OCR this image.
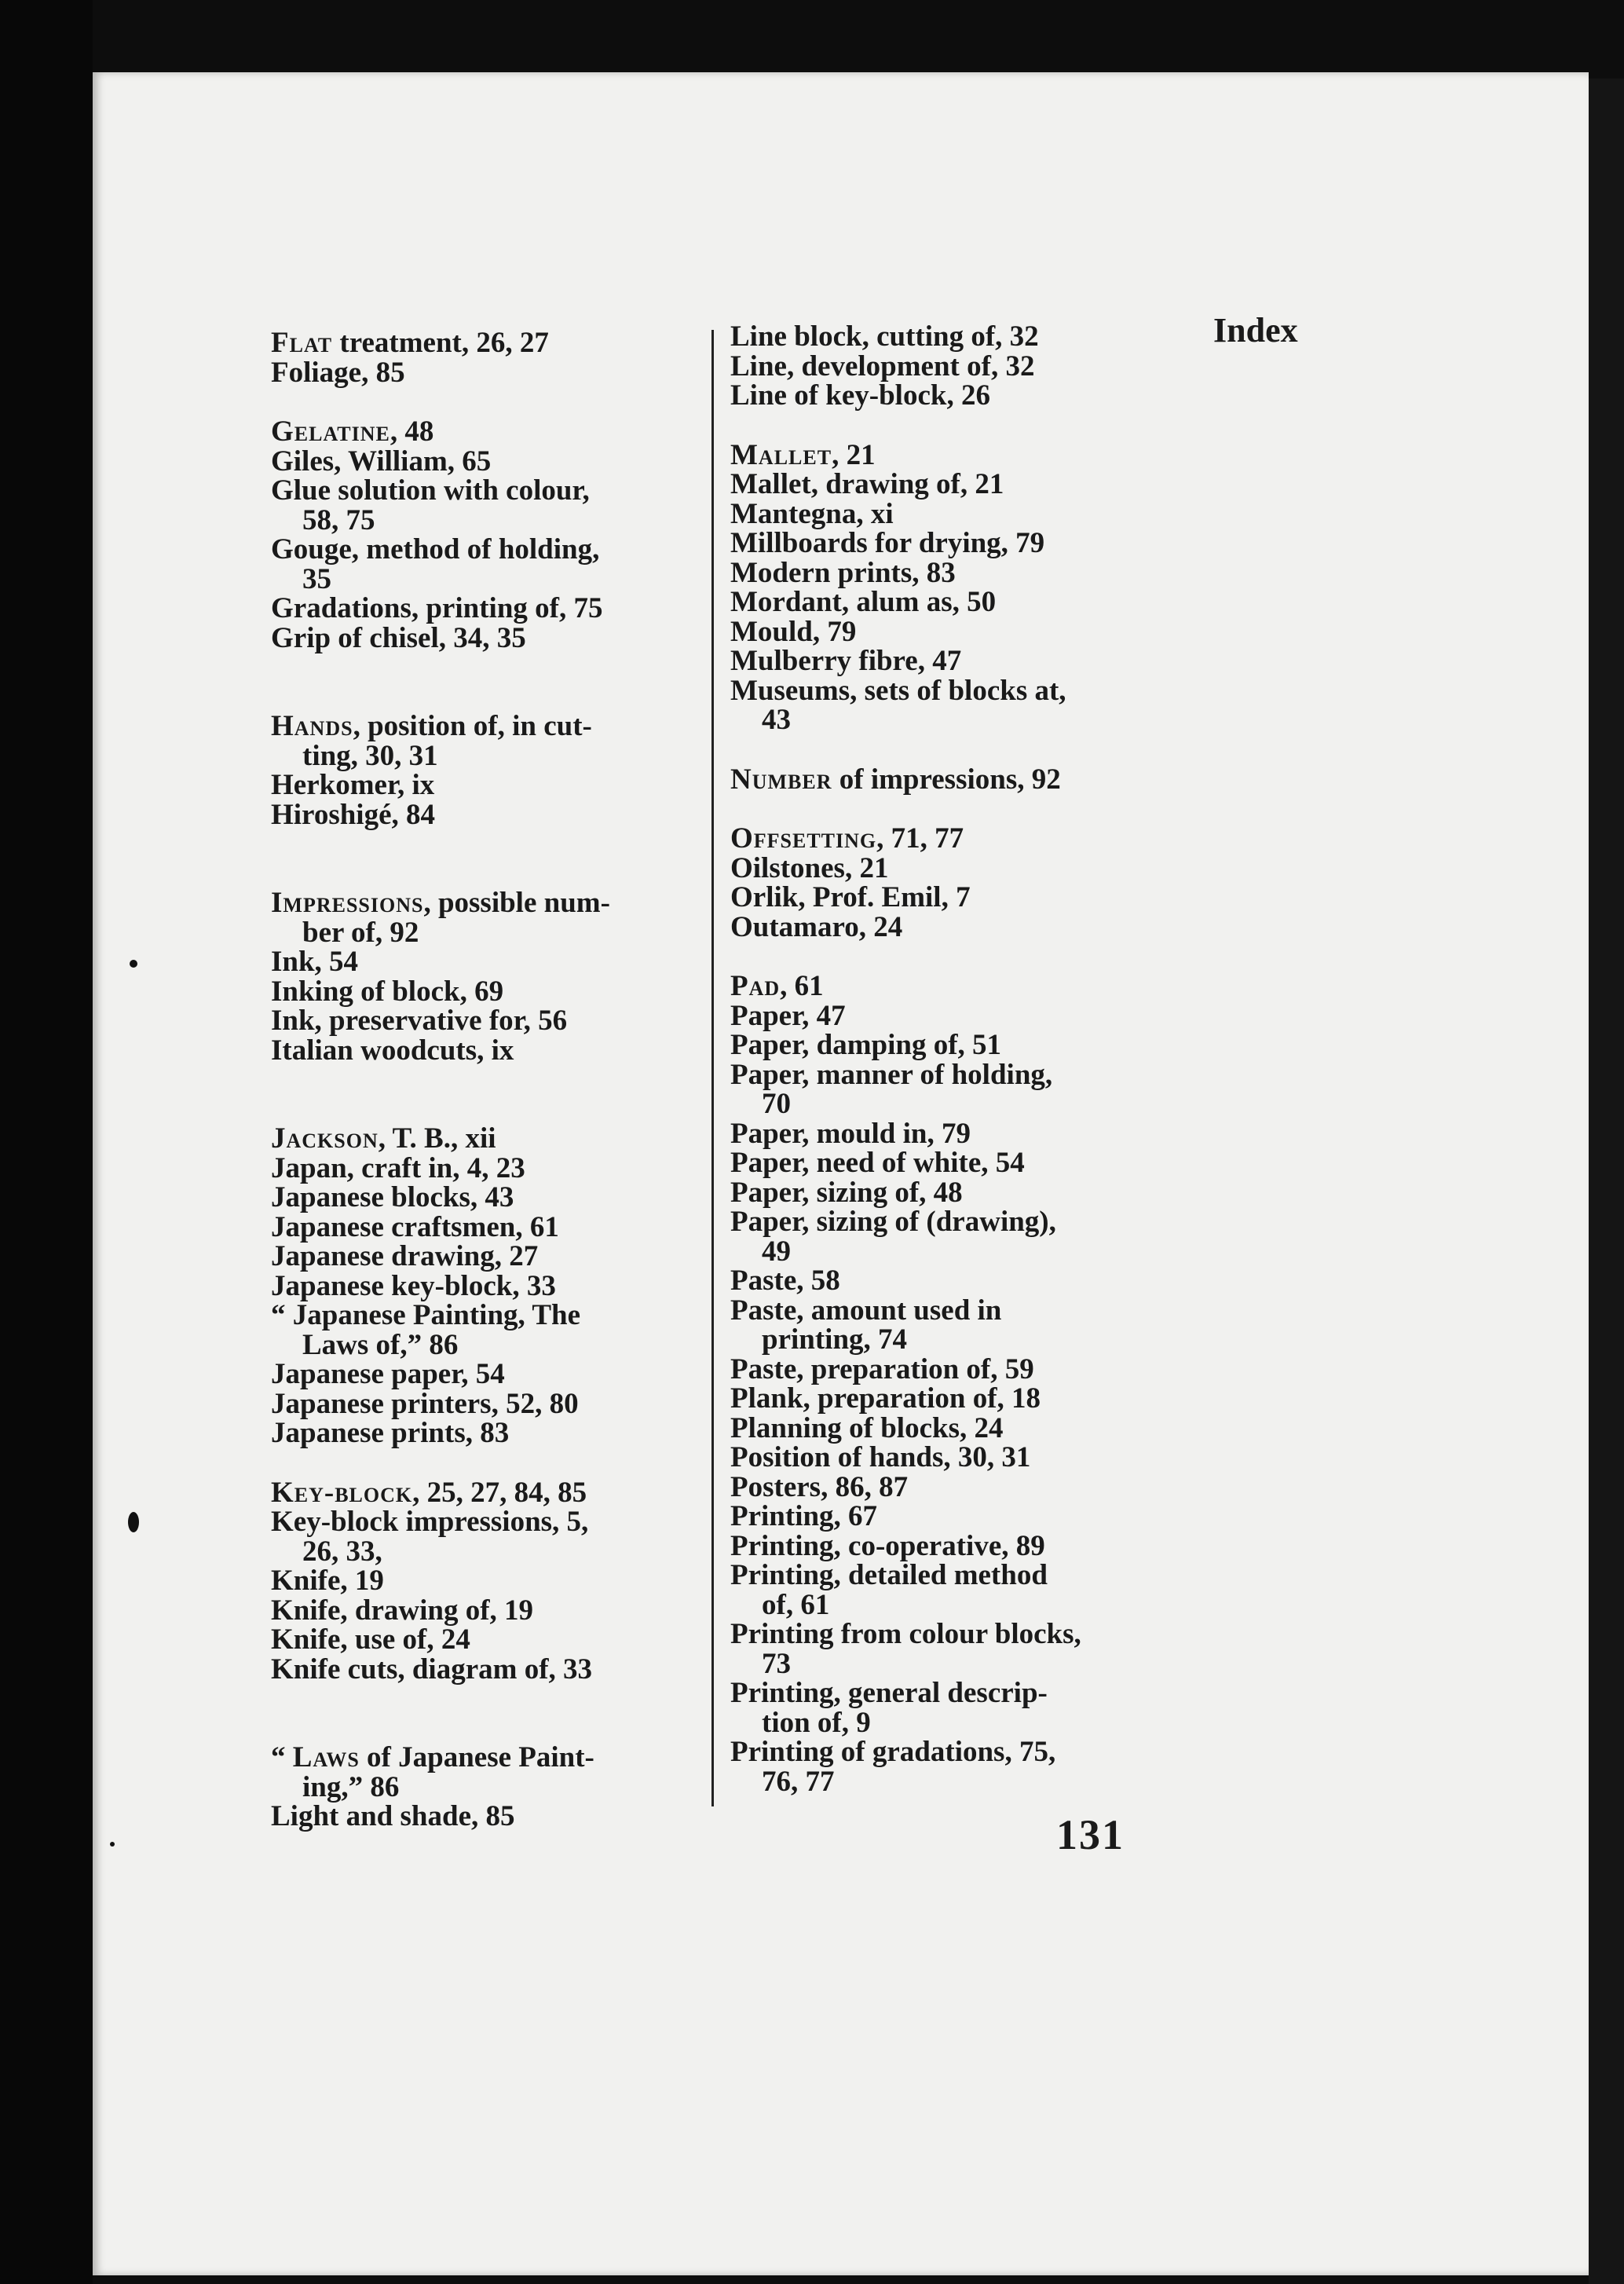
Index

Flat treatment, 26, 27

Foliage, 85

Gelatine, 48

Giles, William, 65

Glue solution with colour,
58, 75

Gouge, method of holding,
35

Gradations, printing of, 75

Grip of chisel, 34, 35

Hands, position of, in cut-
ting, 30, 31

Herkomer, ix

Hiroshigé, 84

Impressions, possible num-
ber of, 92

Ink, 54

Inking of block, 69

Ink, preservative for, 56

Italian woodcuts, ix

Jackson, T. B., xii

Japan, craft in, 4, 23

Japanese blocks, 43

Japanese craftsmen, 61

Japanese drawing, 27

Japanese key-block, 33

“ Japanese Painting, The
Laws of,” 86

Japanese paper, 54

Japanese printers, 52, 80

Japanese prints, 83

Key-block, 25, 27, 84, 85

Key-block impressions, 5,
26, 33,

Knife, 19

Knife, drawing of, 19

Knife, use of, 24

Knife cuts, diagram of, 33

“ Laws of Japanese Paint-
ing,” 86

Light and shade, 85

Line block, cutting of, 32

Line, development of, 32

Line of key-block, 26

Mallet, 21

Mallet, drawing of, 21

Mantegna, xi

Millboards for drying, 79

Modern prints, 83

Mordant, alum as, 50

Mould, 79

Mulberry fibre, 47

Museums, sets of blocks at,
43

Number of impressions, 92

Offsetting, 71, 77

Oilstones, 21

Orlik, Prof. Emil, 7

Outamaro, 24

Pad, 61

Paper, 47

Paper, damping of, 51

Paper, manner of holding,
70

Paper, mould in, 79

Paper, need of white, 54

Paper, sizing of, 48

Paper, sizing of (drawing),
49

Paste, 58

Paste, amount used in
printing, 74

Paste, preparation of, 59

Plank, preparation of, 18

Planning of blocks, 24

Position of hands, 30, 31

Posters, 86, 87

Printing, 67

Printing, co-operative, 89

Printing, detailed method
of, 61

Printing from colour blocks,
73

Printing, general descrip-
tion of, 9

Printing of gradations, 75,
76, 77

131
